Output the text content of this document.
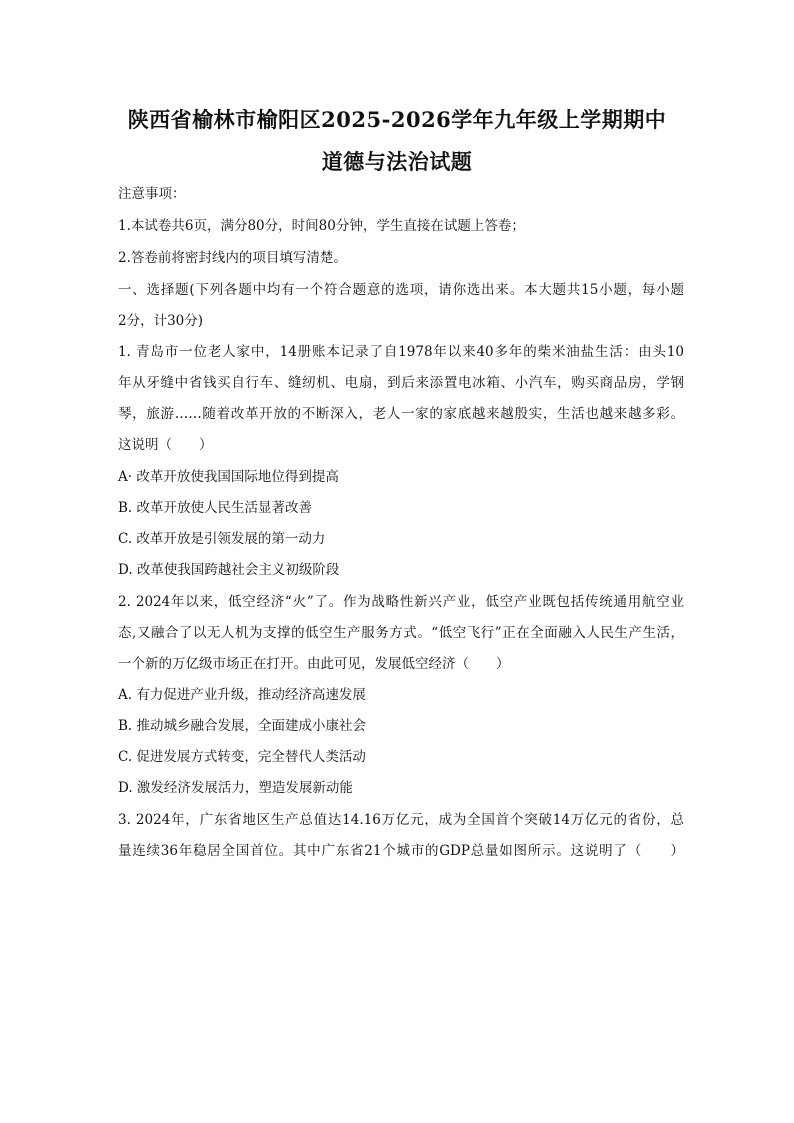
陕西省榆林市榆阳区2025-2026学年九年级上学期期中
道德与法治试题
注意事项：
1.本试卷共6页，满分80分，时间80分钟，学生直接在试题上答卷；
2.答卷前将密封线内的项目填写清楚。
一、选择题(下列各题中均有一个符合题意的选项，请你选出来。本大题共15小题，每小题
2分，计30分)
1. 青岛市一位老人家中，14册账本记录了自1978年以来40多年的柴米油盐生活：由头10
年从牙缝中省钱买自行车、缝纫机、电扇，到后来添置电冰箱、小汽车，购买商品房，学钢
琴，旅游……随着改革开放的不断深入，老人一家的家底越来越殷实，生活也越来越多彩。
这说明（　　）
A· 改革开放使我国国际地位得到提高
B. 改革开放使人民生活显著改善
C. 改革开放是引领发展的第一动力
D. 改革使我国跨越社会主义初级阶段
2. 2024年以来，低空经济“火”了。作为战略性新兴产业，低空产业既包括传统通用航空业
态,又融合了以无人机为支撑的低空生产服务方式。“低空飞行”正在全面融入人民生产生活，
一个新的万亿级市场正在打开。由此可见，发展低空经济（　　）
A. 有力促进产业升级，推动经济高速发展
B. 推动城乡融合发展，全面建成小康社会
C. 促进发展方式转变，完全替代人类活动
D. 激发经济发展活力，塑造发展新动能
3. 2024年，广东省地区生产总值达14.16万亿元，成为全国首个突破14万亿元的省份，总
量连续36年稳居全国首位。其中广东省21个城市的GDP总量如图所示。这说明了（　　）
